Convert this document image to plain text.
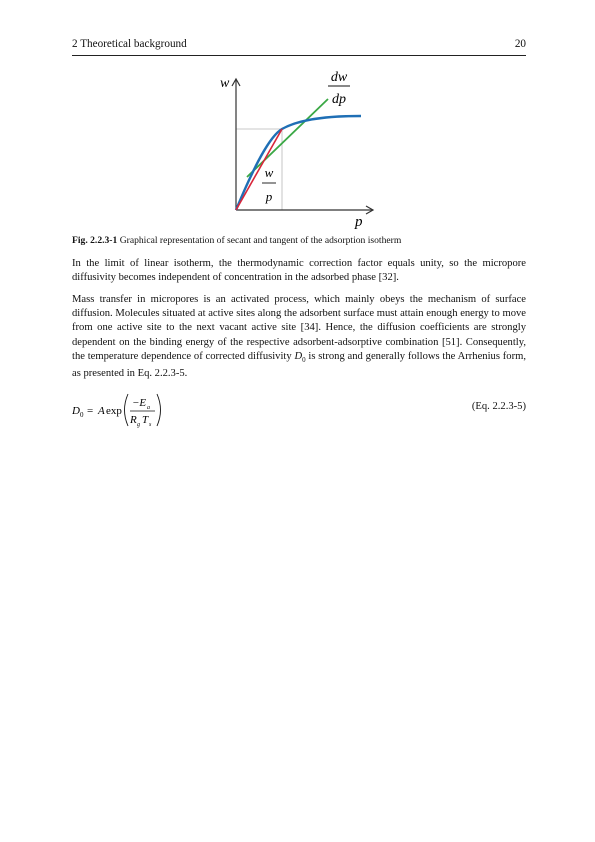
2 Theoretical background	20
w
p
dw
dp
w
p
Fig. 2.2.3-1 Graphical representation of secant and tangent of the adsorption isotherm

In the limit of linear isotherm, the thermodynamic correction factor equals unity, so the micropore diffusivity becomes independent of concentration in the adsorbed phase [32].

Mass transfer in micropores is an activated process, which mainly obeys the mechanism of surface diffusion. Molecules situated at active sites along the adsorbent surface must attain enough energy to move from one active site to the next vacant active site [34]. Hence, the diffusion coefficients are strongly dependent on the binding energy of the respective adsorbent-adsorptive combination [51]. Consequently, the temperature dependence of corrected diffusivity $D_0$ is strong and generally follows the Arrhenius form, as presented in Eq. 2.2.3-5.

D 0 = A exp
−E a
R g T s
(Eq. 2.2.3-5)
